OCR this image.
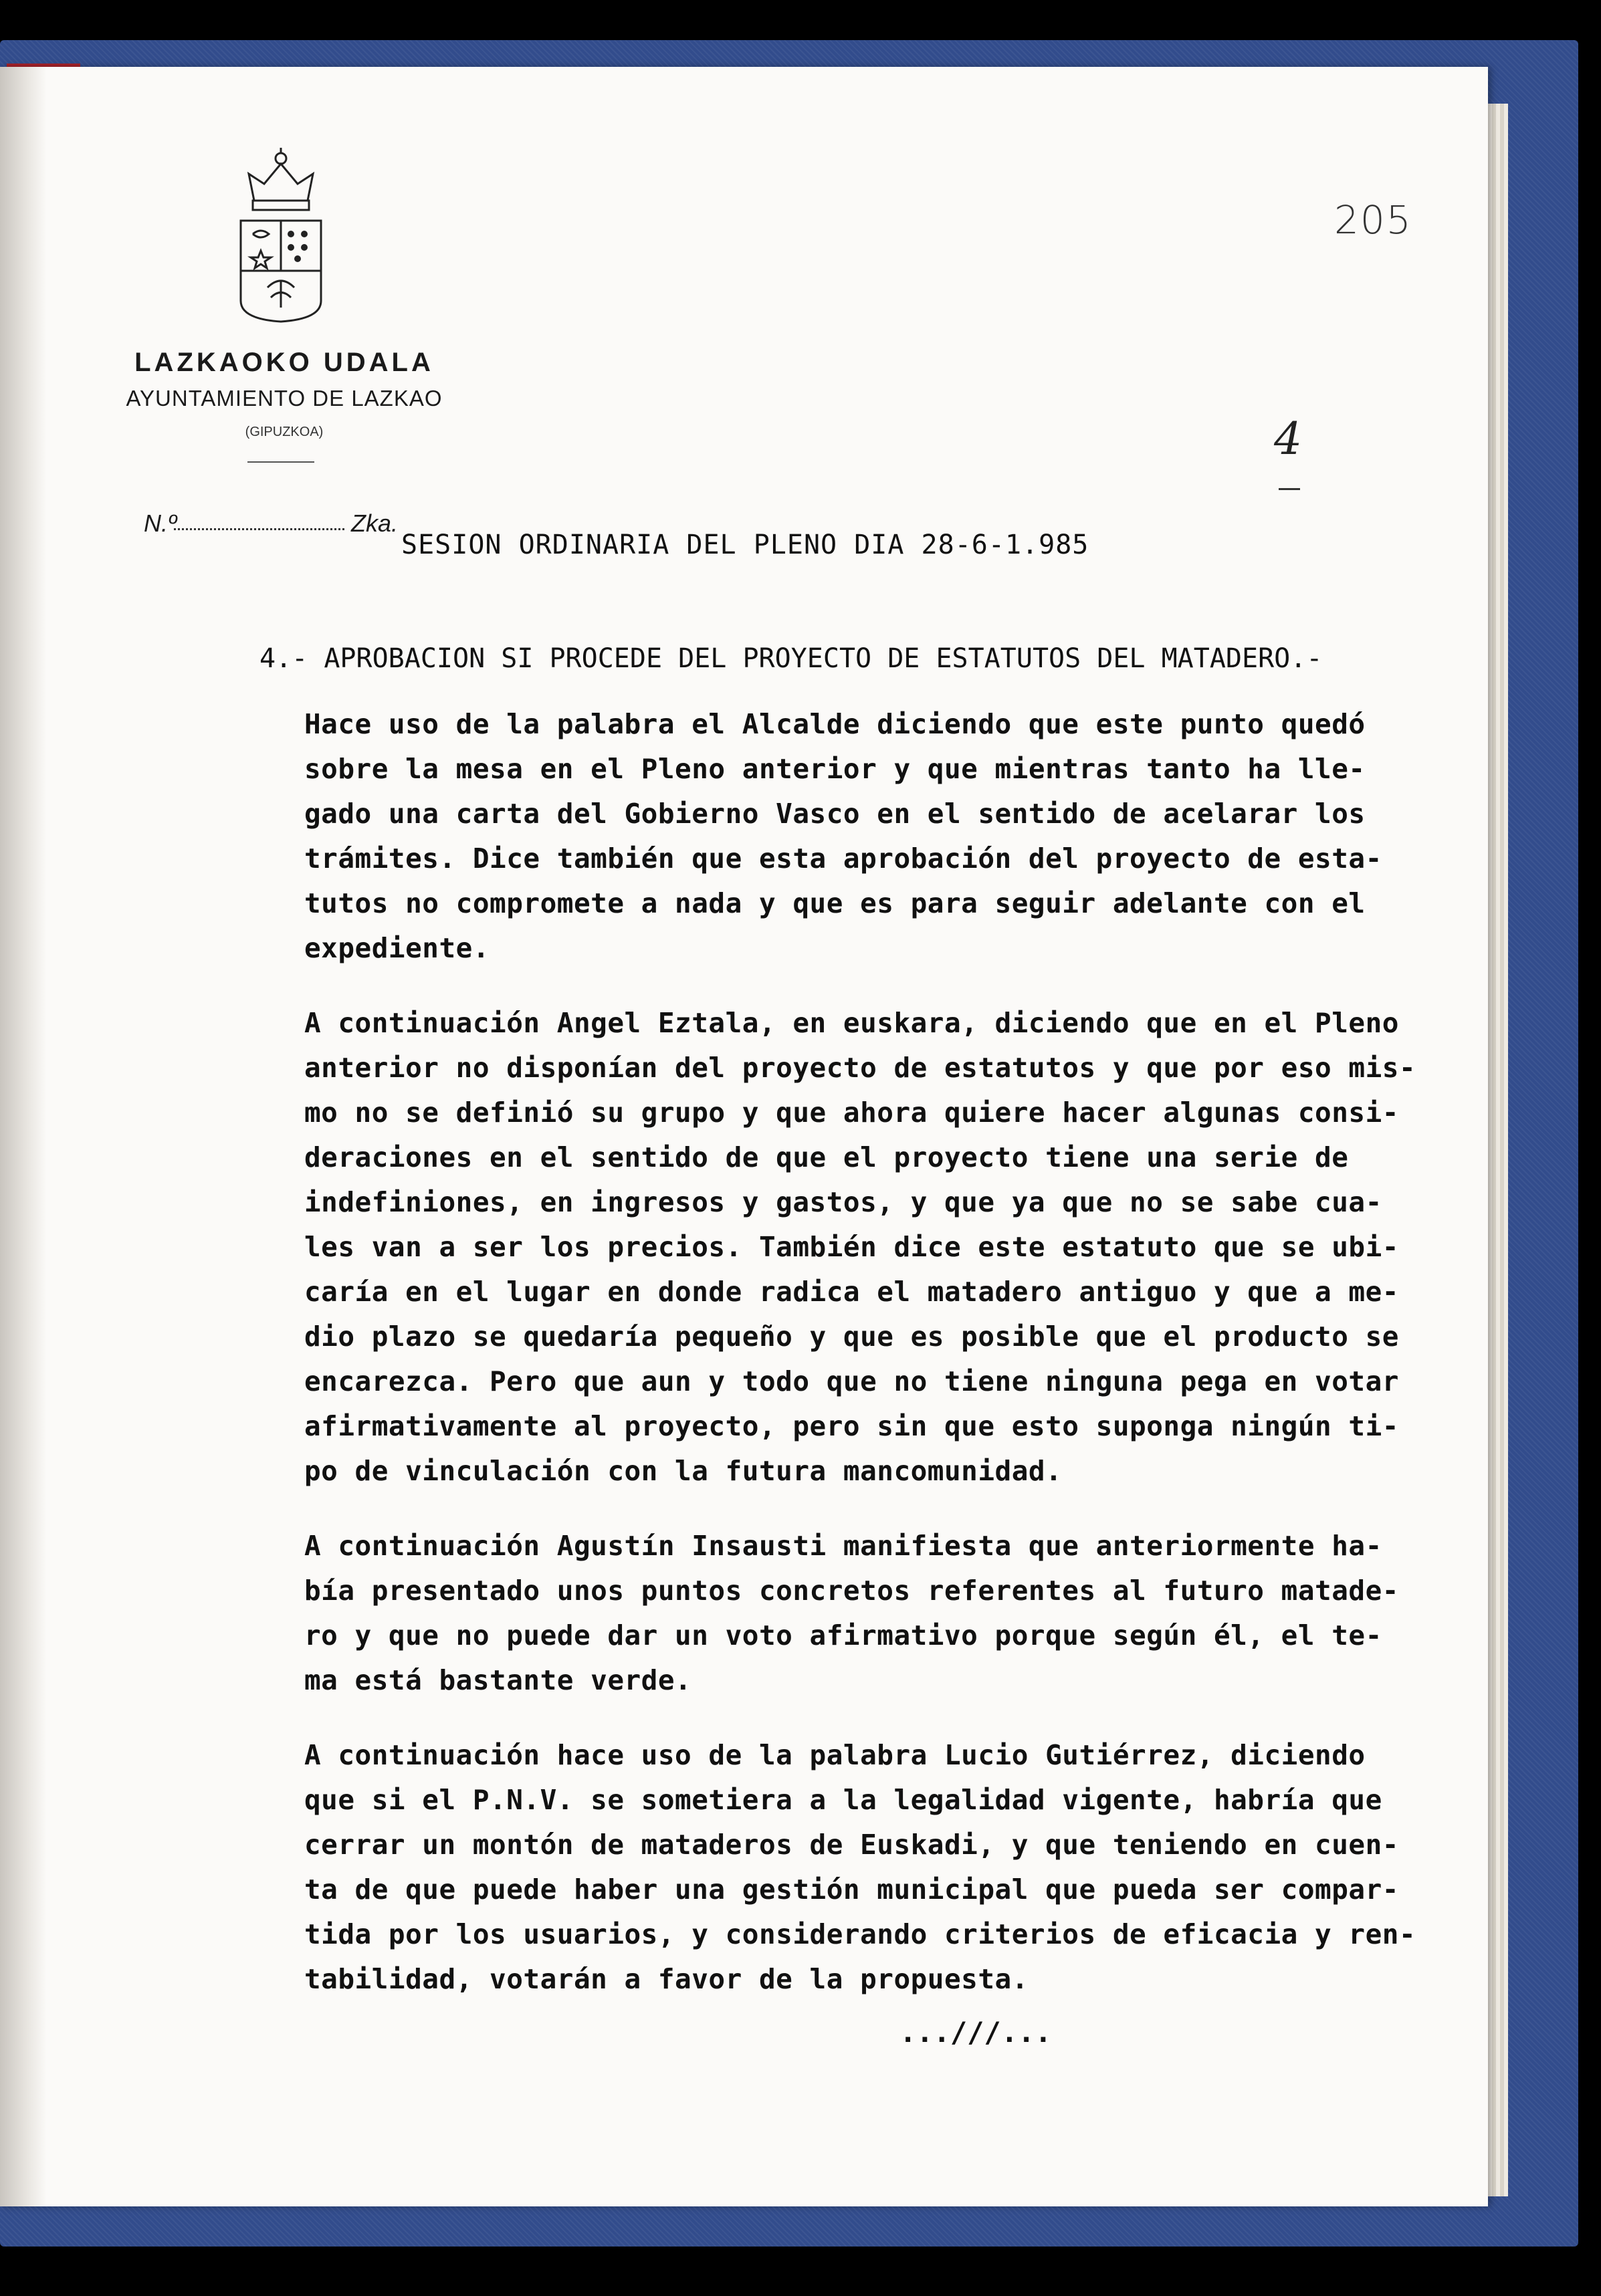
LAZKAOKO UDALA
AYUNTAMIENTO DE LAZKAO
(GIPUZKOA)
N.º	Zka.
205
4
SESION ORDINARIA DEL PLENO DIA 28-6-1.985
4.- APROBACION SI PROCEDE DEL PROYECTO DE ESTATUTOS DEL MATADERO.-
Hace uso de la palabra el Alcalde diciendo que este punto quedó
sobre la mesa en el Pleno anterior y que mientras tanto ha lle-
gado una carta del Gobierno Vasco en el sentido de acelarar los
trámites. Dice también que esta aprobación del proyecto de esta-
tutos no compromete a nada y que es para seguir adelante con el
expediente.
A continuación Angel Eztala, en euskara, diciendo que en el Pleno
anterior no disponían del proyecto de estatutos y que por eso mis-
mo no se definió su grupo y que ahora quiere hacer algunas consi-
deraciones en el sentido de que el proyecto tiene una serie de
indefiniones, en ingresos y gastos, y que ya que no se sabe cua-
les van a ser los precios. También dice este estatuto que se ubi-
caría en el lugar en donde radica el matadero antiguo y que a me-
dio plazo se quedaría pequeño y que es posible que el producto se
encarezca. Pero que aun y todo que no tiene ninguna pega en votar
afirmativamente al proyecto, pero sin que esto suponga ningún ti-
po de vinculación con la futura mancomunidad.
A continuación Agustín Insausti manifiesta que anteriormente ha-
bía presentado unos puntos concretos referentes al futuro matade-
ro y que no puede dar un voto afirmativo porque según él, el te-
ma está bastante verde.
A continuación hace uso de la palabra Lucio Gutiérrez, diciendo
que si el P.N.V. se sometiera a la legalidad vigente, habría que
cerrar un montón de mataderos de Euskadi, y que teniendo en cuen-
ta de que puede haber una gestión municipal que pueda ser compar-
tida por los usuarios, y considerando criterios de eficacia y ren-
tabilidad, votarán a favor de la propuesta.
...///...
